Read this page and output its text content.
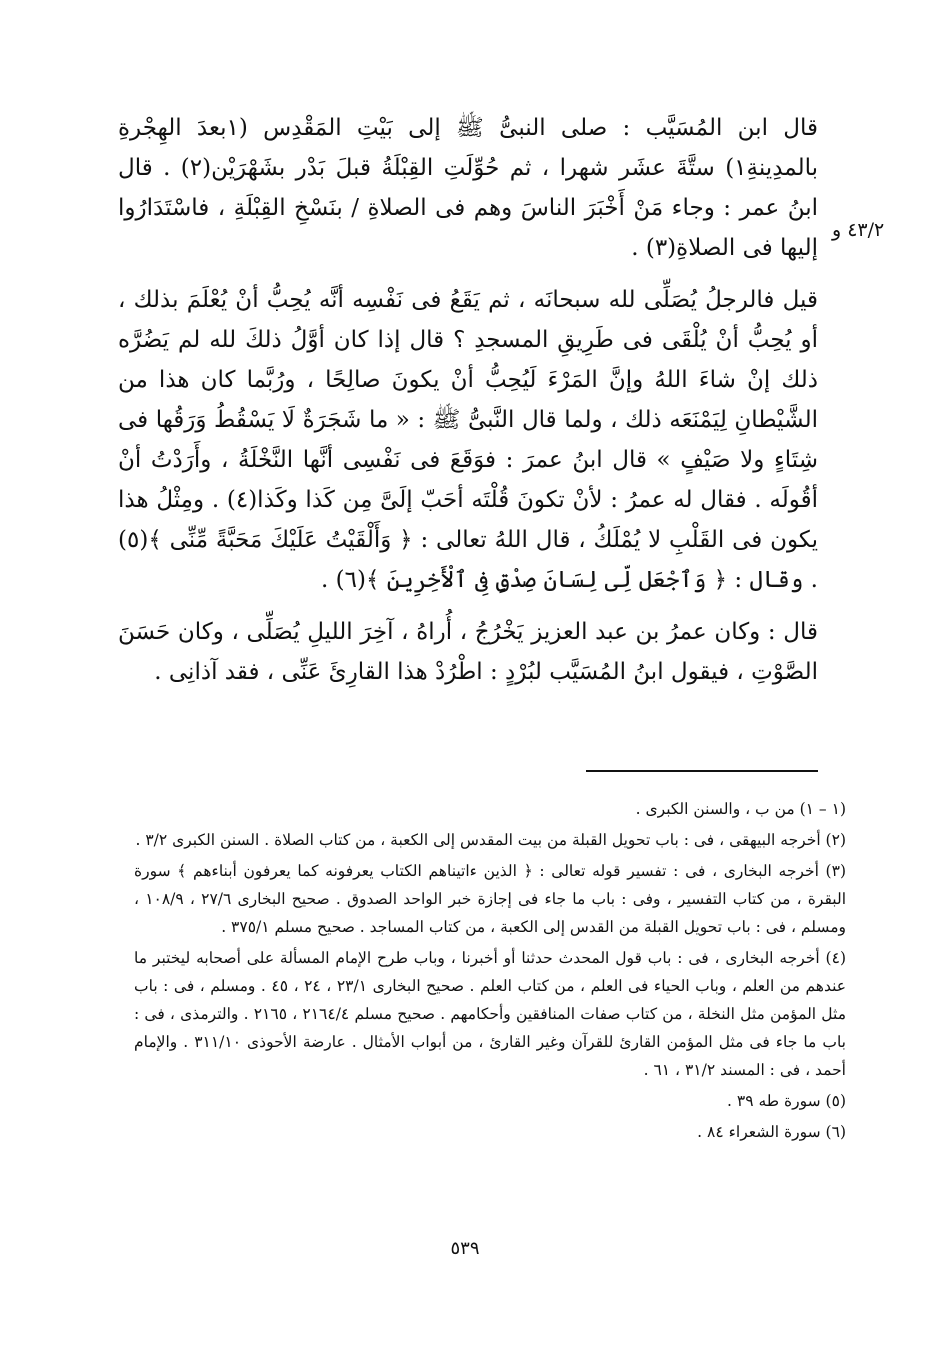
٤٣/٢ و

قال ابن المُسَيَّب : صلى النبىُّ ﷺ إلى بَيْتِ المَقْدِس (١بعدَ الهِجْرةِ بالمدِينةِ١) ستَّةَ عشَر شهرا ، ثم حُوِّلَتِ القِبْلَةُ قبلَ بَدْر بشَهْرَيْن(٢) . قال ابنُ عمر : وجاء مَنْ أَخْبَرَ الناسَ وهم فى الصلاةِ / بنَسْخِ القِبْلَةِ ، فاسْتَدَارُوا إليها فى الصلاةِ(٣) .

قيل فالرجلُ يُصَلِّى لله سبحانَه ، ثم يَقَعُ فى نَفْسِه أنَّه يُحِبُّ أنْ يُعْلَمَ بذلك ، أو يُحِبُّ أنْ يُلْقَى فى طَرِيقِ المسجدِ ؟ قال إذا كان أوَّلُ ذلكَ لله لم يَضُرَّه ذلك إنْ شاءَ اللهُ وإنَّ المَرْءَ لَيُحِبُّ أنْ يكونَ صالِحًا ، ورُبَّما كان هذا من الشَّيْطانِ لِيَمْنَعَه ذلك ، ولما قال النَّبىُّ ﷺ : « ما شَجَرَةٌ لَا يَسْقُطُ وَرَقُها فى شِتَاءٍ ولا صَيْفٍ » قال ابنُ عمرَ : فوَقَعَ فى نَفْسِى أنَّها النَّخْلَةُ ، وأَرَدْتُ أنْ أقُولَه . فقال له عمرُ : لأنْ تكونَ قُلْتَه أحَبّ إلَىَّ مِن كَذا وكَذا(٤) . ومِثْلُ هذا يكون فى القَلْبِ لا يُمْلَكُ ، قال اللهُ تعالى : ﴿ وَأَلْقَيْتُ عَلَيْكَ مَحَبَّةً مِّنِّى ﴾(٥) . وقال : ﴿ وَٱجْعَل لِّى لِسَانَ صِدْقٍ فِى ٱلْأَخِرِينَ ﴾(٦) .

قال : وكان عمرُ بن عبد العزيز يَخْرُجُ ، أُراهُ ، آخِرَ الليلِ يُصَلِّى ، وكان حَسَنَ الصَّوْتِ ، فيقول ابنُ المُسَيَّب لبُرْدٍ : اطْرُدْ هذا القارِئَ عَنِّى ، فقد آذانِى .

(١ – ١) من ب ، والسنن الكبرى .

(٢) أخرجه البيهقى ، فى : باب تحويل القبلة من بيت المقدس إلى الكعبة ، من كتاب الصلاة . السنن الكبرى ٣/٢ .

(٣) أخرجه البخارى ، فى : تفسير قوله تعالى : ﴿ الذين ءاتيناهم الكتاب يعرفونه كما يعرفون أبناءهم ﴾ سورة البقرة ، من كتاب التفسير ، وفى : باب ما جاء فى إجازة خبر الواحد الصدوق . صحيح البخارى ٢٧/٦ ، ١٠٨/٩ ، ومسلم ، فى : باب تحويل القبلة من القدس إلى الكعبة ، من كتاب المساجد . صحيح مسلم ٣٧٥/١ .

(٤) أخرجه البخارى ، فى : باب قول المحدث حدثنا أو أخبرنا ، وباب طرح الإمام المسألة على أصحابه ليختبر ما عندهم من العلم ، وباب الحياء فى العلم ، من كتاب العلم . صحيح البخارى ٢٣/١ ، ٢٤ ، ٤٥ . ومسلم ، فى : باب مثل المؤمن مثل النخلة ، من كتاب صفات المنافقين وأحكامهم . صحيح مسلم ٢١٦٤/٤ ، ٢١٦٥ . والترمذى ، فى : باب ما جاء فى مثل المؤمن القارئ للقرآن وغير القارئ ، من أبواب الأمثال . عارضة الأحوذى ٣١١/١٠ . والإمام أحمد ، فى : المسند ٣١/٢ ، ٦١ .

(٥) سورة طه ٣٩ .

(٦) سورة الشعراء ٨٤ .

٥٣٩
